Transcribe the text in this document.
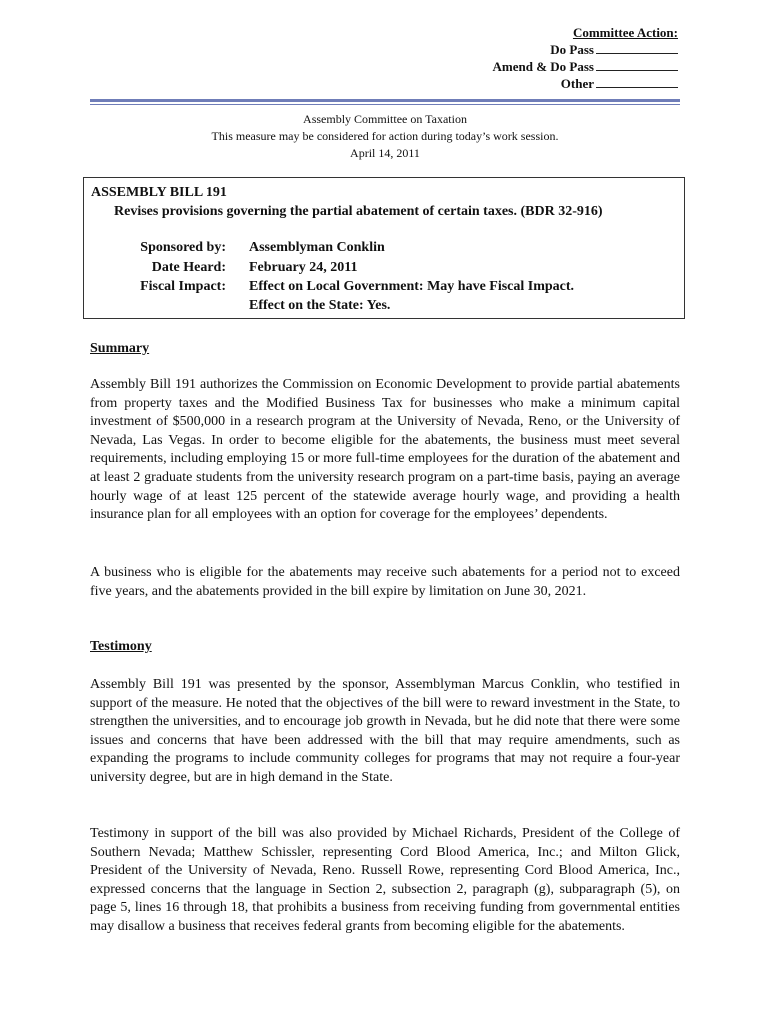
Committee Action:
Do Pass
Amend & Do Pass
Other
Assembly Committee on Taxation
This measure may be considered for action during today’s work session.
April 14, 2011
ASSEMBLY BILL 191
Revises provisions governing the partial abatement of certain taxes. (BDR 32-916)
Sponsored by: Assemblyman Conklin
Date Heard: February 24, 2011
Fiscal Impact: Effect on Local Government: May have Fiscal Impact.
Effect on the State: Yes.
Summary

Assembly Bill 191 authorizes the Commission on Economic Development to provide partial abatements from property taxes and the Modified Business Tax for businesses who make a minimum capital investment of $500,000 in a research program at the University of Nevada, Reno, or the University of Nevada, Las Vegas. In order to become eligible for the abatements, the business must meet several requirements, including employing 15 or more full-time employees for the duration of the abatement and at least 2 graduate students from the university research program on a part-time basis, paying an average hourly wage of at least 125 percent of the statewide average hourly wage, and providing a health insurance plan for all employees with an option for coverage for the employees’ dependents.

A business who is eligible for the abatements may receive such abatements for a period not to exceed five years, and the abatements provided in the bill expire by limitation on June 30, 2021.

Testimony

Assembly Bill 191 was presented by the sponsor, Assemblyman Marcus Conklin, who testified in support of the measure. He noted that the objectives of the bill were to reward investment in the State, to strengthen the universities, and to encourage job growth in Nevada, but he did note that there were some issues and concerns that have been addressed with the bill that may require amendments, such as expanding the programs to include community colleges for programs that may not require a four-year university degree, but are in high demand in the State.

Testimony in support of the bill was also provided by Michael Richards, President of the College of Southern Nevada; Matthew Schissler, representing Cord Blood America, Inc.; and Milton Glick, President of the University of Nevada, Reno. Russell Rowe, representing Cord Blood America, Inc., expressed concerns that the language in Section 2, subsection 2, paragraph (g), subparagraph (5), on page 5, lines 16 through 18, that prohibits a business from receiving funding from governmental entities may disallow a business that receives federal grants from becoming eligible for the abatements.
